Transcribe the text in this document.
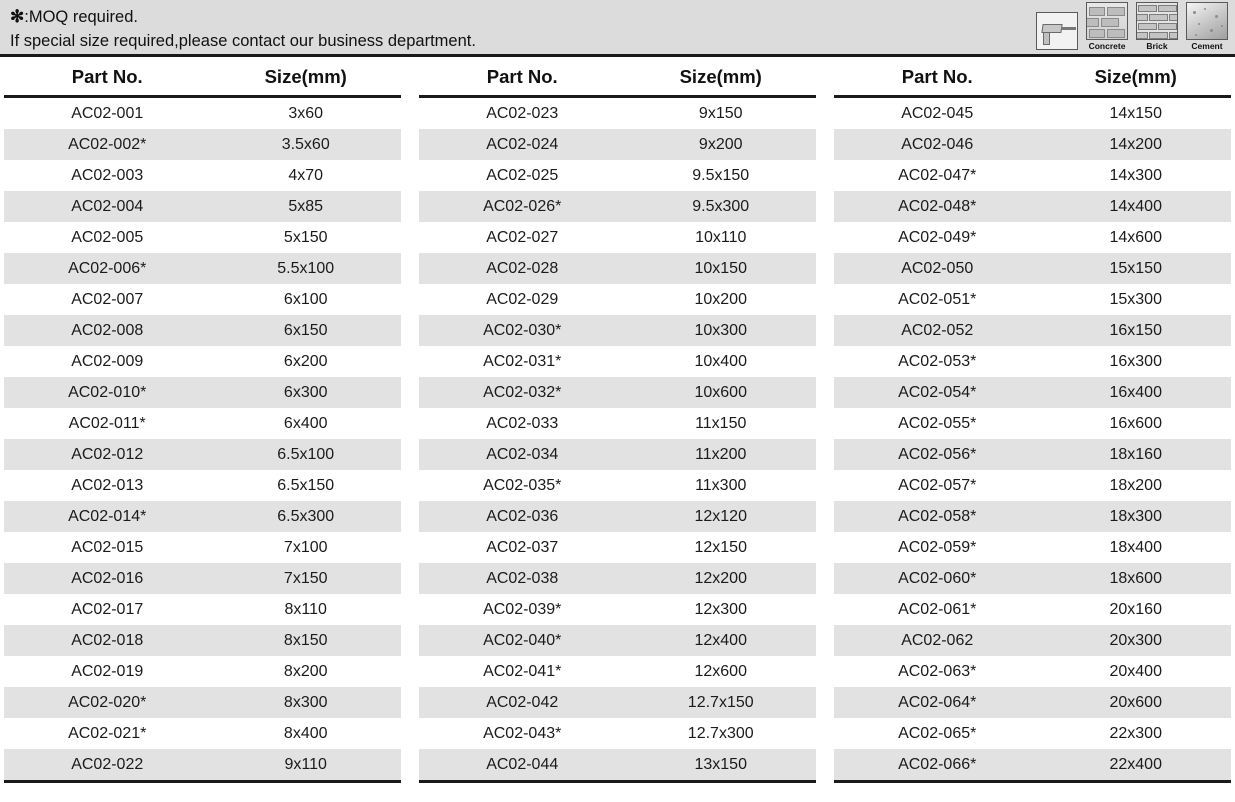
✻:MOQ required.
If special size required,please contact our business department.	Concrete Brick	Cement
Part No.	Size(mm)
AC02-001	3x60
AC02-002*	3.5x60
AC02-003	4x70
AC02-004	5x85
AC02-005	5x150
AC02-006*	5.5x100
AC02-007	6x100
AC02-008	6x150
AC02-009	6x200
AC02-010*	6x300
AC02-011*	6x400
AC02-012	6.5x100
AC02-013	6.5x150
AC02-014*	6.5x300
AC02-015	7x100
AC02-016	7x150
AC02-017	8x110
AC02-018	8x150
AC02-019	8x200
AC02-020*	8x300
AC02-021*	8x400
AC02-022	9x110

Part No.	Size(mm)
AC02-023	9x150
AC02-024	9x200
AC02-025	9.5x150
AC02-026*	9.5x300
AC02-027	10x110
AC02-028	10x150
AC02-029	10x200
AC02-030*	10x300
AC02-031*	10x400
AC02-032*	10x600
AC02-033	11x150
AC02-034	11x200
AC02-035*	11x300
AC02-036	12x120
AC02-037	12x150
AC02-038	12x200
AC02-039*	12x300
AC02-040*	12x400
AC02-041*	12x600
AC02-042	12.7x150
AC02-043*	12.7x300
AC02-044	13x150

Part No.	Size(mm)
AC02-045	14x150
AC02-046	14x200
AC02-047*	14x300
AC02-048*	14x400
AC02-049*	14x600
AC02-050	15x150
AC02-051*	15x300
AC02-052	16x150
AC02-053*	16x300
AC02-054*	16x400
AC02-055*	16x600
AC02-056*	18x160
AC02-057*	18x200
AC02-058*	18x300
AC02-059*	18x400
AC02-060*	18x600
AC02-061*	20x160
AC02-062	20x300
AC02-063*	20x400
AC02-064*	20x600
AC02-065*	22x300
AC02-066*	22x400
